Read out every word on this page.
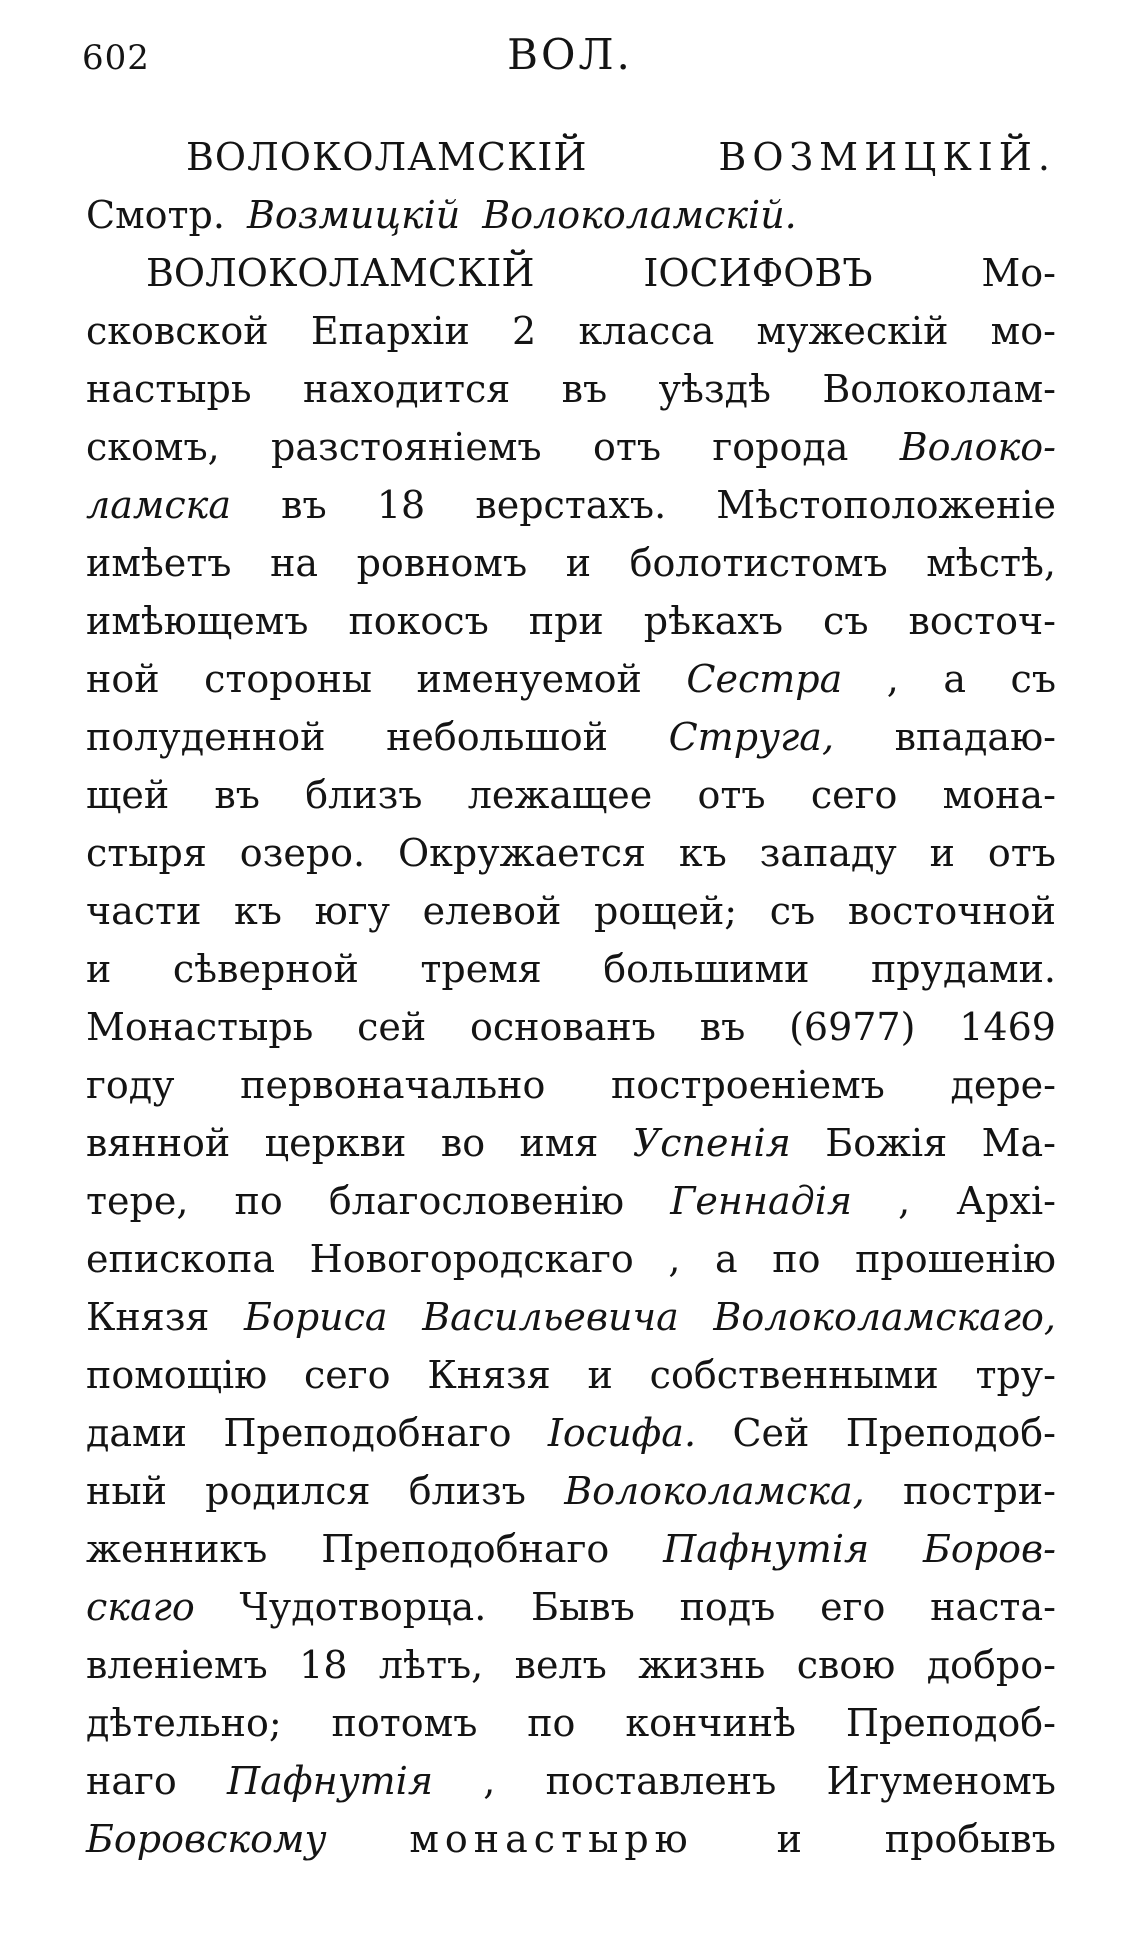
602	ВОЛ.
ВОЛОКОЛАМСКІЙ	ВОЗМИЦКІЙ.
Смотр. Возмицкій Волоколамскій.
ВОЛОКОЛАМСКІЙ	ІОСИФОВЪ	Мо-
сковской Епархіи 2 класса мужескій мо-
настырь находится въ уѣздѣ Волоколам-
скомъ, разстояніемъ отъ города Волоко-
ламска въ 18 верстахъ. Мѣстоположеніе
имѣетъ на ровномъ и болотистомъ мѣстѣ,
имѣющемъ покосъ при рѣкахъ съ восточ-
ной стороны именуемой Сестра , а съ
полуденной небольшой Струга, впадаю-
щей въ близъ лежащее отъ сего мона-
стыря озеро. Окружается къ западу и отъ
части къ югу елевой рощей; съ восточной
и сѣверной тремя большими прудами.
Монастырь сей основанъ въ (6977) 1469
году первоначально построеніемъ дере-
вянной церкви во имя Успенія Божія Ма-
тере, по благословенію Геннадія , Архі-
епископа Новогородскаго , а по прошенію
Князя Бориса Васильевича Волоколамскаго,
помощію сего Князя и собственными тру-
дами Преподобнаго Іосифа. Сей Преподоб-
ный родился близъ Волоколамска, постри-
женникъ Преподобнаго Пафнутія Боров-
скаго Чудотворца. Бывъ подъ его наста-
вленіемъ 18 лѣтъ, велъ жизнь свою добро-
дѣтельно; потомъ по кончинѣ Преподоб-
наго Пафнутія , поставленъ Игуменомъ
Боровскому монастырю и пробывъ
